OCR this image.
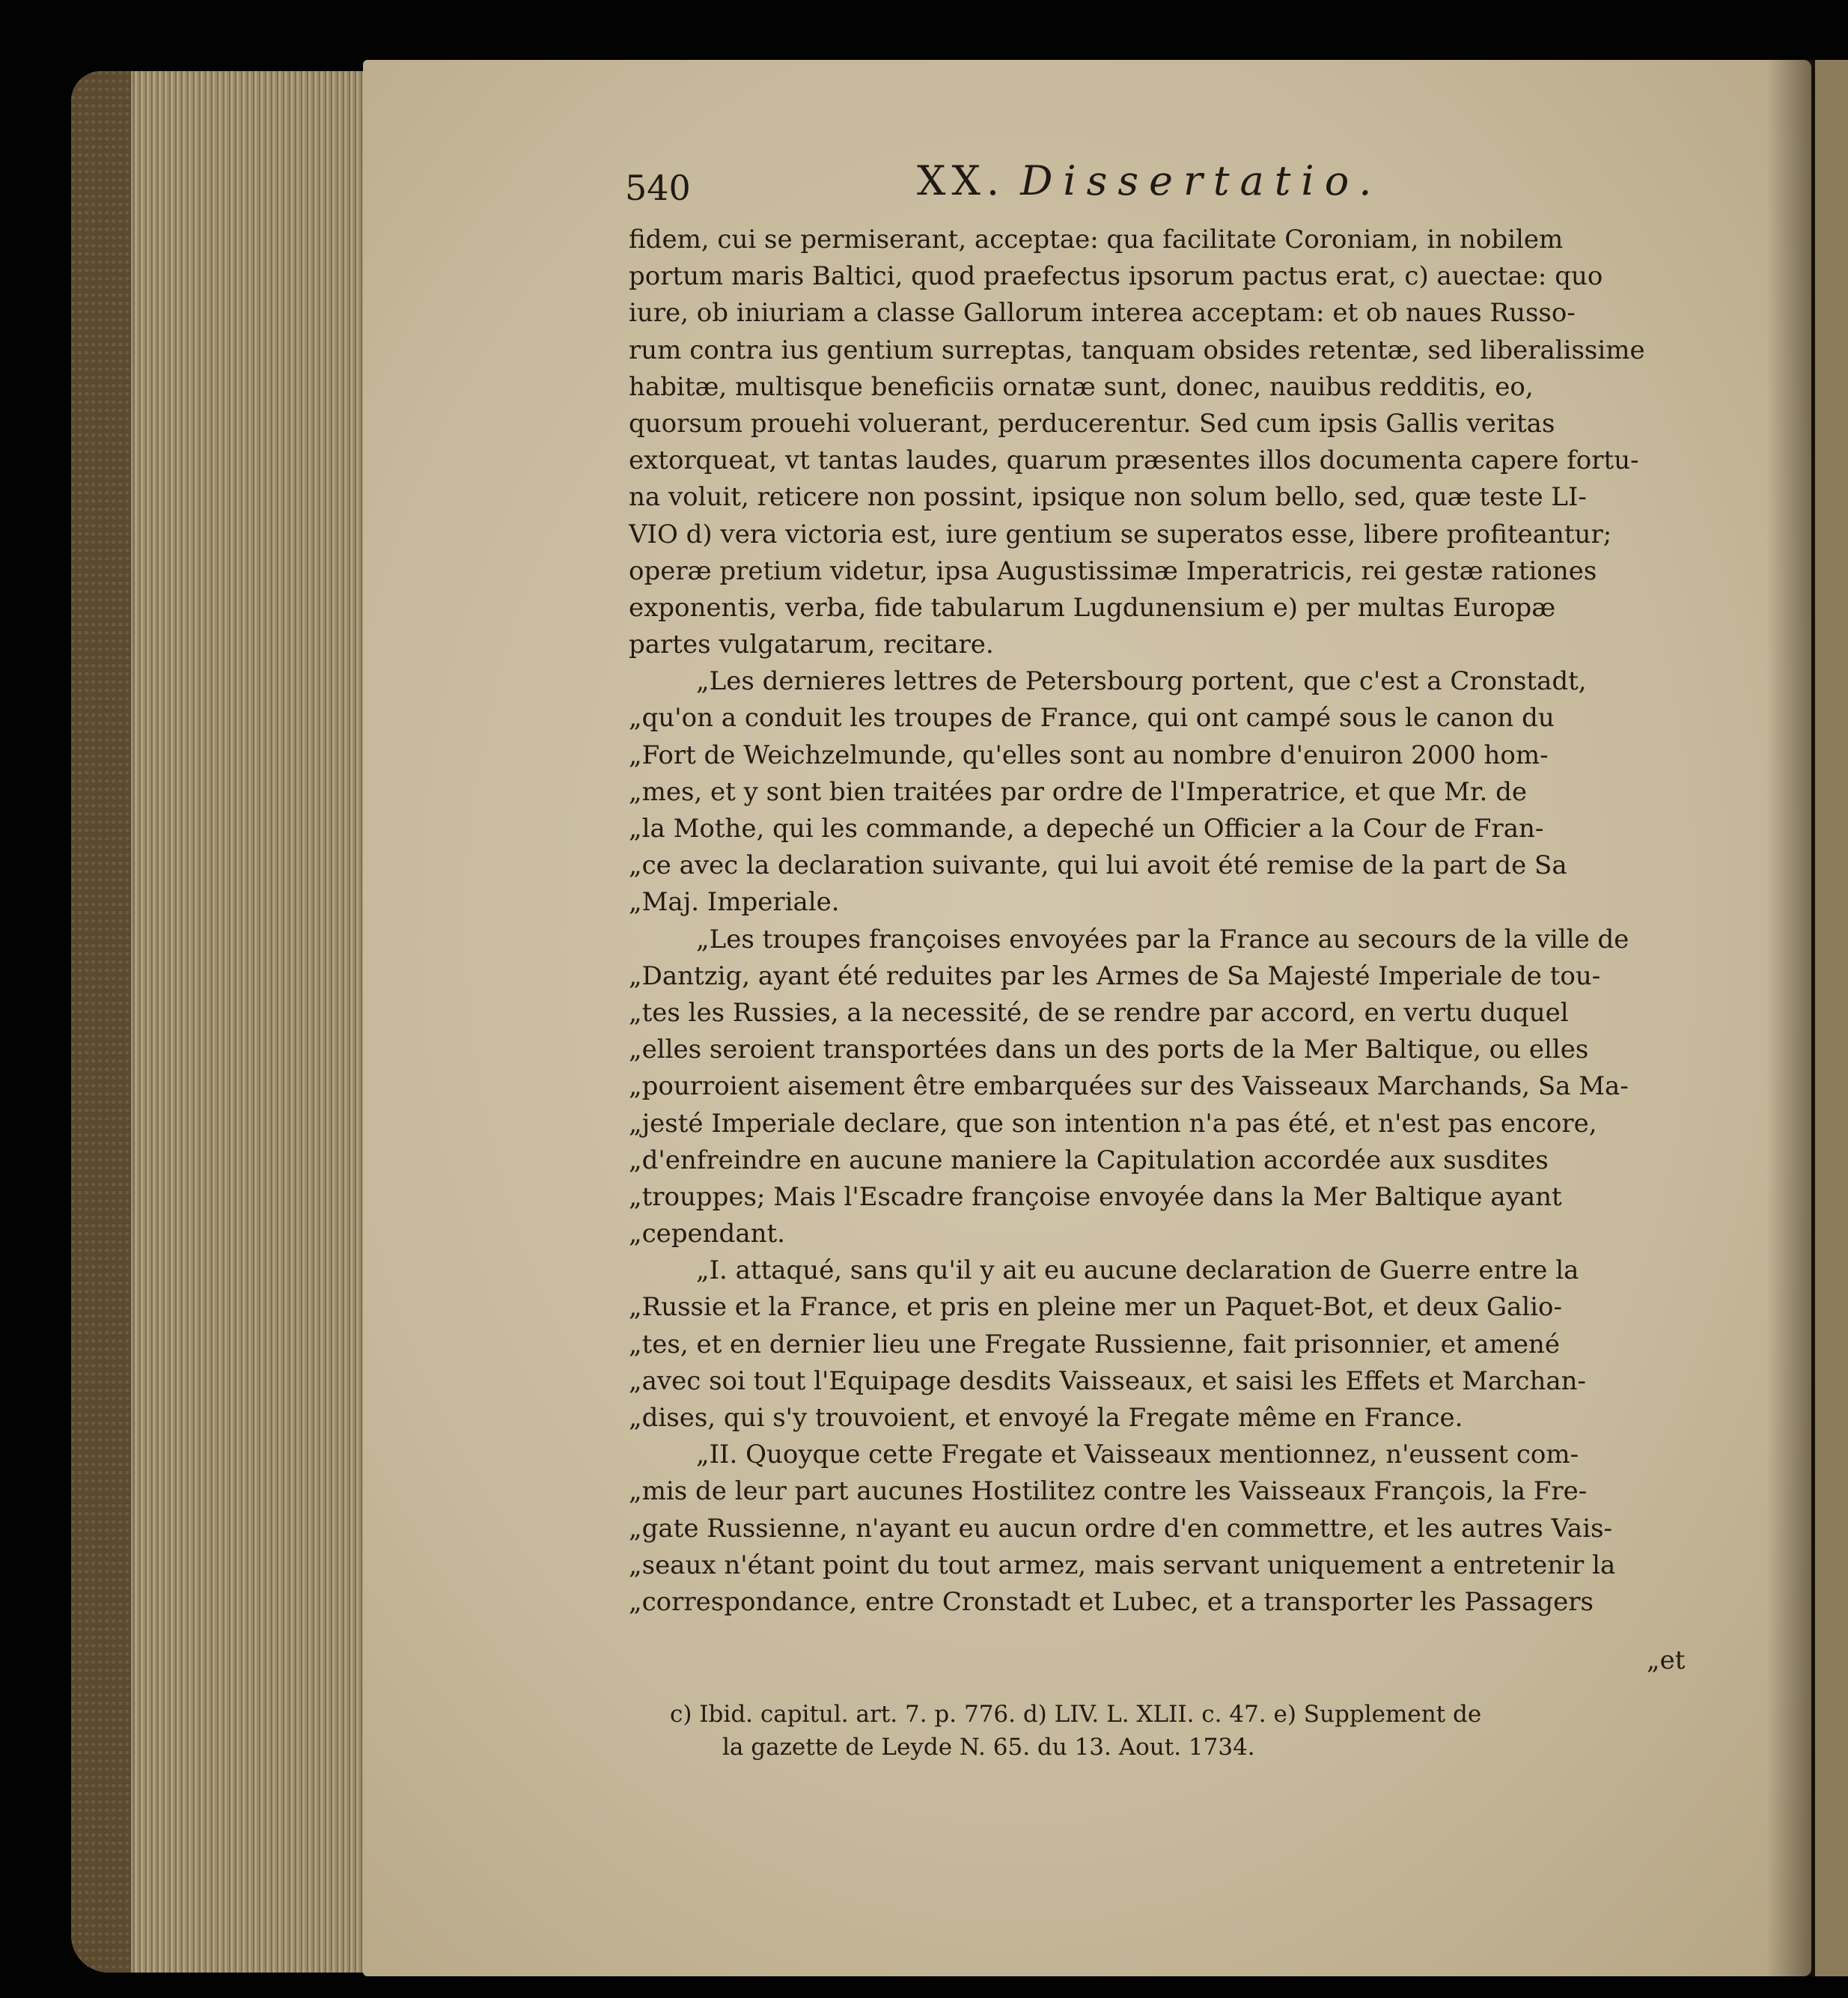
540	XX. Dissertatio.
fidem, cui se permiserant, acceptae: qua facilitate Coroniam, in nobilem
portum maris Baltici, quod praefectus ipsorum pactus erat, c) auectae: quo
iure, ob iniuriam a classe Gallorum interea acceptam: et ob naues Russo-
rum contra ius gentium surreptas, tanquam obsides retentæ, sed liberalissime
habitæ, multisque beneficiis ornatæ sunt, donec, nauibus redditis, eo,
quorsum prouehi voluerant, perducerentur. Sed cum ipsis Gallis veritas
extorqueat, vt tantas laudes, quarum præsentes illos documenta capere fortu-
na voluit, reticere non possint, ipsique non solum bello, sed, quæ teste LI-
VIO d) vera victoria est, iure gentium se superatos esse, libere profiteantur;
operæ pretium videtur, ipsa Augustissimæ Imperatricis, rei gestæ rationes
exponentis, verba, fide tabularum Lugdunensium e) per multas Europæ
partes vulgatarum, recitare.
„Les dernieres lettres de Petersbourg portent, que c'est a Cronstadt,
„qu'on a conduit les troupes de France, qui ont campé sous le canon du
„Fort de Weichzelmunde, qu'elles sont au nombre d'enuiron 2000 hom-
„mes, et y sont bien traitées par ordre de l'Imperatrice, et que Mr. de
„la Mothe, qui les commande, a depeché un Officier a la Cour de Fran-
„ce avec la declaration suivante, qui lui avoit été remise de la part de Sa
„Maj. Imperiale.
„Les troupes françoises envoyées par la France au secours de la ville de
„Dantzig, ayant été reduites par les Armes de Sa Majesté Imperiale de tou-
„tes les Russies, a la necessité, de se rendre par accord, en vertu duquel
„elles seroient transportées dans un des ports de la Mer Baltique, ou elles
„pourroient aisement être embarquées sur des Vaisseaux Marchands, Sa Ma-
„jesté Imperiale declare, que son intention n'a pas été, et n'est pas encore,
„d'enfreindre en aucune maniere la Capitulation accordée aux susdites
„trouppes; Mais l'Escadre françoise envoyée dans la Mer Baltique ayant
„cependant.
„I. attaqué, sans qu'il y ait eu aucune declaration de Guerre entre la
„Russie et la France, et pris en pleine mer un Paquet-Bot, et deux Galio-
„tes, et en dernier lieu une Fregate Russienne, fait prisonnier, et amené
„avec soi tout l'Equipage desdits Vaisseaux, et saisi les Effets et Marchan-
„dises, qui s'y trouvoient, et envoyé la Fregate même en France.
„II. Quoyque cette Fregate et Vaisseaux mentionnez, n'eussent com-
„mis de leur part aucunes Hostilitez contre les Vaisseaux François, la Fre-
„gate Russienne, n'ayant eu aucun ordre d'en commettre, et les autres Vais-
„seaux n'étant point du tout armez, mais servant uniquement a entretenir la
„correspondance, entre Cronstadt et Lubec, et a transporter les Passagers
„et
c) Ibid. capitul. art. 7. p. 776. d) LIV. L. XLII. c. 47. e) Supplement de
la gazette de Leyde N. 65. du 13. Aout. 1734.
